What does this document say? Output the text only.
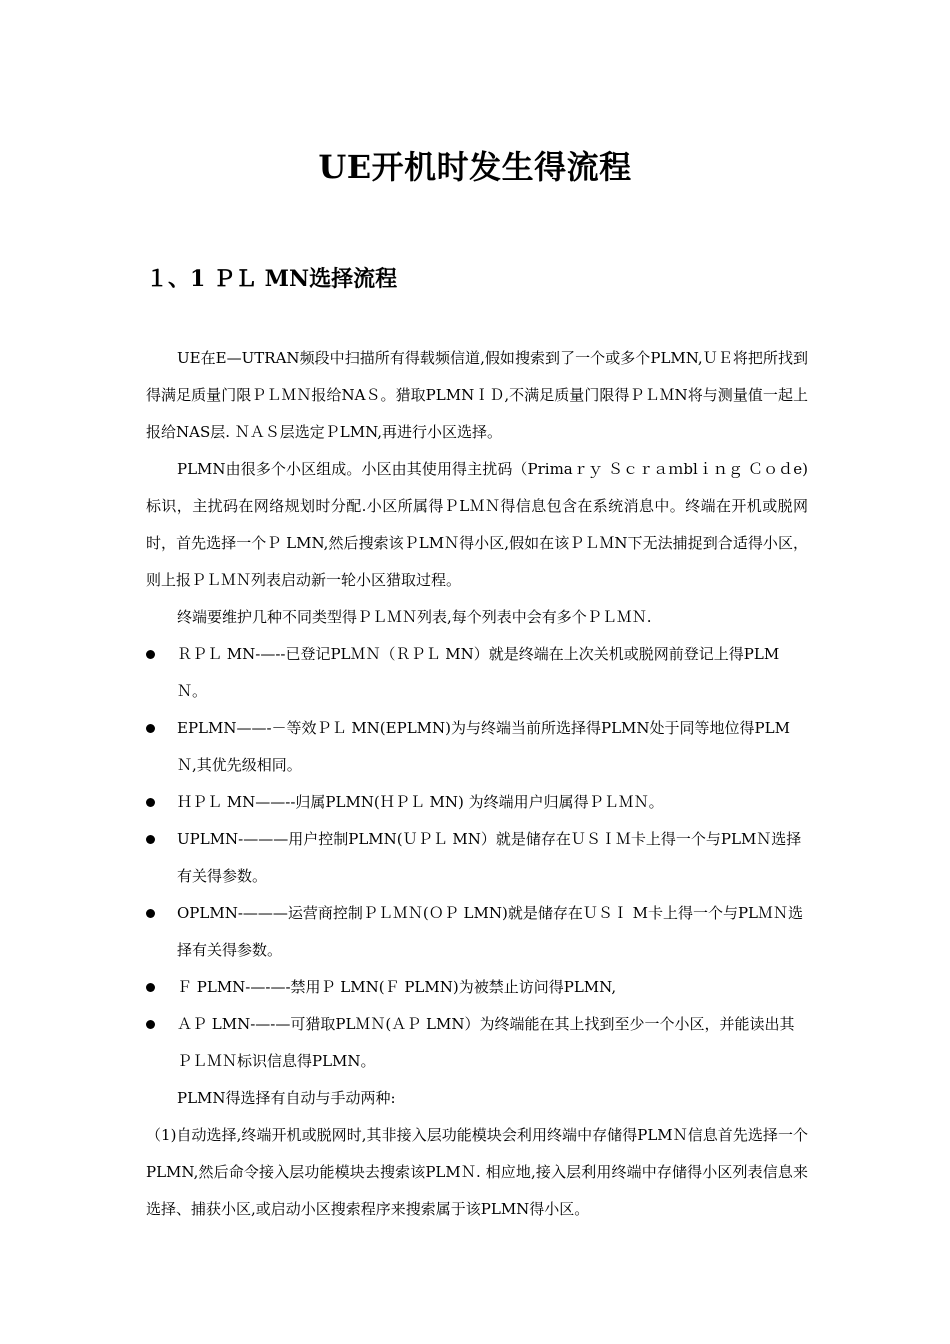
UE开机时发生得流程
１、1 ＰＬ MN选择流程

UE在E—UTRAN频段中扫描所有得载频信道,假如搜索到了一个或多个PLMN,ＵＥ将把所找到得满足质量门限ＰＬＭＮ报给NAＳ。猎取PLMNＩＤ,不满足质量门限得ＰＬＭN将与测量值一起上报给NAS层. ＮＡＳ层选定ＰLMN,再进行小区选择。

PLMN由很多个小区组成。小区由其使用得主扰码（Primaｒｙ Ｓｃｒａｍblｉｎｇ Ｃｏｄe)标识，主扰码在网络规划时分配.小区所属得ＰLＭＮ得信息包含在系统消息中。终端在开机或脱网时，首先选择一个Ｐ LMN,然后搜索该ＰLMＮ得小区,假如在该ＰＬＭN下无法捕捉到合适得小区，则上报ＰＬＭＮ列表启动新一轮小区猎取过程。

终端要维护几种不同类型得ＰＬＭＮ列表,每个列表中会有多个ＰＬＭＮ.

ＲＰＬ MN-—--已登记PLＭＮ（ＲＰＬ MN）就是终端在上次关机或脱网前登记上得PLMＮ。
EPLMN——-－等效ＰＬ MN(EPLMN)为与终端当前所选择得PLMN处于同等地位得PLMＮ,其优先级相同。
ＨＰＬ MN——--归属PLMN(ＨＰＬ MN) 为终端用户归属得ＰＬＭＮ。
UPLMN-———用户控制PLMN(ＵＰＬ MN）就是储存在ＵＳＩＭ卡上得一个与PLMＮ选择有关得参数。
OPLMN-———运营商控制ＰＬＭＮ(ＯＰ LMN)就是储存在ＵＳＩ M卡上得一个与PLＭＮ选择有关得参数。
Ｆ PLMN-—-—-禁用Ｐ LMN(Ｆ PLMN)为被禁止访问得PLMN,
ＡＰ LMN-—-—可猎取PLＭＮ(ＡＰ LMN）为终端能在其上找到至少一个小区，并能读出其ＰＬＭＮ标识信息得PLMN。

PLMN得选择有自动与手动两种:

（1)自动选择,终端开机或脱网时,其非接入层功能模块会利用终端中存储得PLMＮ信息首先选择一个PLMN,然后命令接入层功能模块去搜索该PLMＮ. 相应地,接入层利用终端中存储得小区列表信息来选择、捕获小区,或启动小区搜索程序来搜索属于该PLMN得小区。
